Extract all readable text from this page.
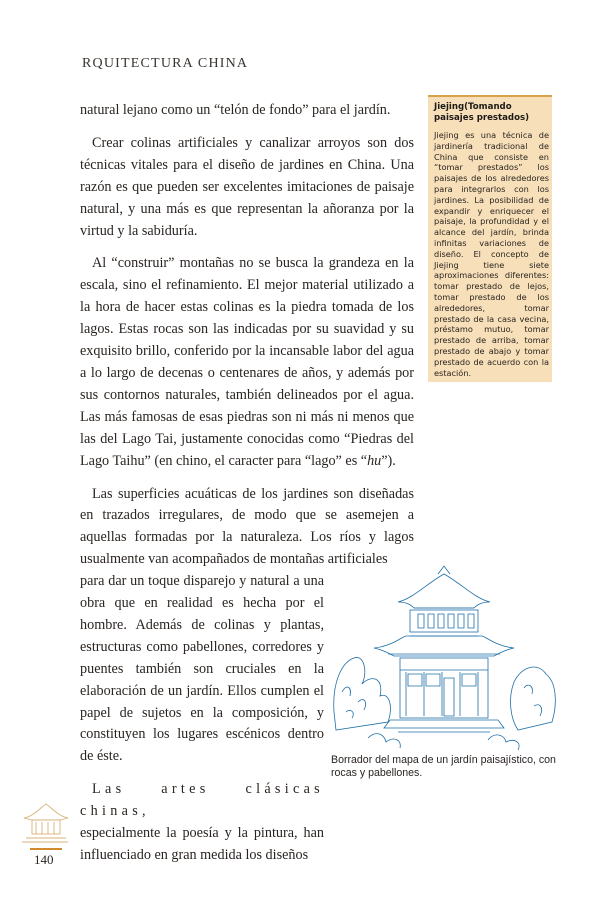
RQUITECTURA CHINA

natural lejano como un “telón de fondo” para el jardín.

Crear colinas artificiales y canalizar arroyos son dos técnicas vitales para el diseño de jardines en China. Una razón es que pueden ser excelentes imitaciones de paisaje natural, y una más es que representan la añoranza por la virtud y la sabiduría.

Al “construir” montañas no se busca la grandeza en la escala, sino el refinamiento. El mejor material utilizado a la hora de hacer estas colinas es la piedra tomada de los lagos. Estas rocas son las indicadas por su suavidad y su exquisito brillo, conferido por la incansable labor del agua a lo largo de decenas o centenares de años, y además por sus contornos naturales, también delineados por el agua. Las más famosas de esas piedras son ni más ni menos que las del Lago Tai, justamente conocidas como “Piedras del Lago Taihu” (en chino, el caracter para “lago” es “hu”).

Las superficies acuáticas de los jardines son diseñadas en trazados irregulares, de modo que se asemejen a aquellas formadas por la naturaleza. Los ríos y lagos usualmente van acompañados de montañas artificiales

para dar un toque disparejo y natural a una obra que en realidad es hecha por el hombre. Además de colinas y plantas, estructuras como pabellones, corredores y puentes también son cruciales en la elaboración de un jardín. Ellos cumplen el papel de sujetos en la composición, y constituyen los lugares escénicos dentro de éste.

Las artes clásicas chinas,

especialmente la poesía y la pintura, han influenciado en gran medida los diseños

Jiejing(Tomando paisajes prestados)
Jiejing es una técnica de jardinería tradicional de China que consiste en “tomar prestados” los paisajes de los alrededores para integrarlos con los jardines. La posibilidad de expandir y enriquecer el paisaje, la profundidad y el alcance del jardín, brinda infinitas variaciones de diseño. El concepto de Jiejing tiene siete aproximaciones diferentes: tomar prestado de lejos, tomar prestado de los alrededores, tomar prestado de la casa vecina, préstamo mutuo, tomar prestado de arriba, tomar prestado de abajo y tomar prestado de acuerdo con la estación.
Borrador del mapa de un jardín paisajístico, con rocas y pabellones.
140
